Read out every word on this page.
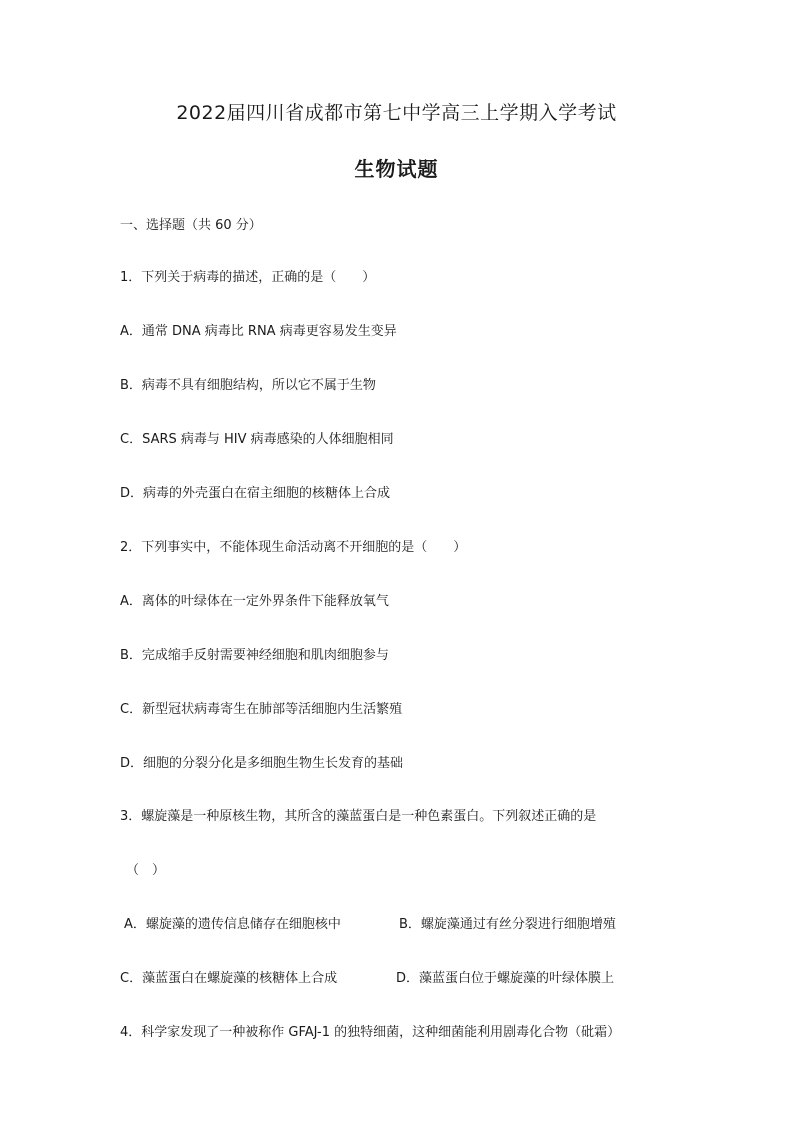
2022届四川省成都市第七中学高三上学期入学考试
生物试题
一、选择题（共 60 分）
1．下列关于病毒的描述，正确的是（　　）
A．通常 DNA 病毒比 RNA 病毒更容易发生变异
B．病毒不具有细胞结构，所以它不属于生物
C．SARS 病毒与 HIV 病毒感染的人体细胞相同
D．病毒的外壳蛋白在宿主细胞的核糖体上合成
2．下列事实中，不能体现生命活动离不开细胞的是（　　）
A．离体的叶绿体在一定外界条件下能释放氧气
B．完成缩手反射需要神经细胞和肌肉细胞参与
C．新型冠状病毒寄生在肺部等活细胞内生活繁殖
D．细胞的分裂分化是多细胞生物生长发育的基础
3．螺旋藻是一种原核生物，其所含的藻蓝蛋白是一种色素蛋白。下列叙述正确的是
（　）
A．螺旋藻的遗传信息储存在细胞核中	B．螺旋藻通过有丝分裂进行细胞增殖
C．藻蓝蛋白在螺旋藻的核糖体上合成	D．藻蓝蛋白位于螺旋藻的叶绿体膜上
4．科学家发现了一种被称作 GFAJ-1 的独特细菌，这种细菌能利用剧毒化合物（砒霜）
